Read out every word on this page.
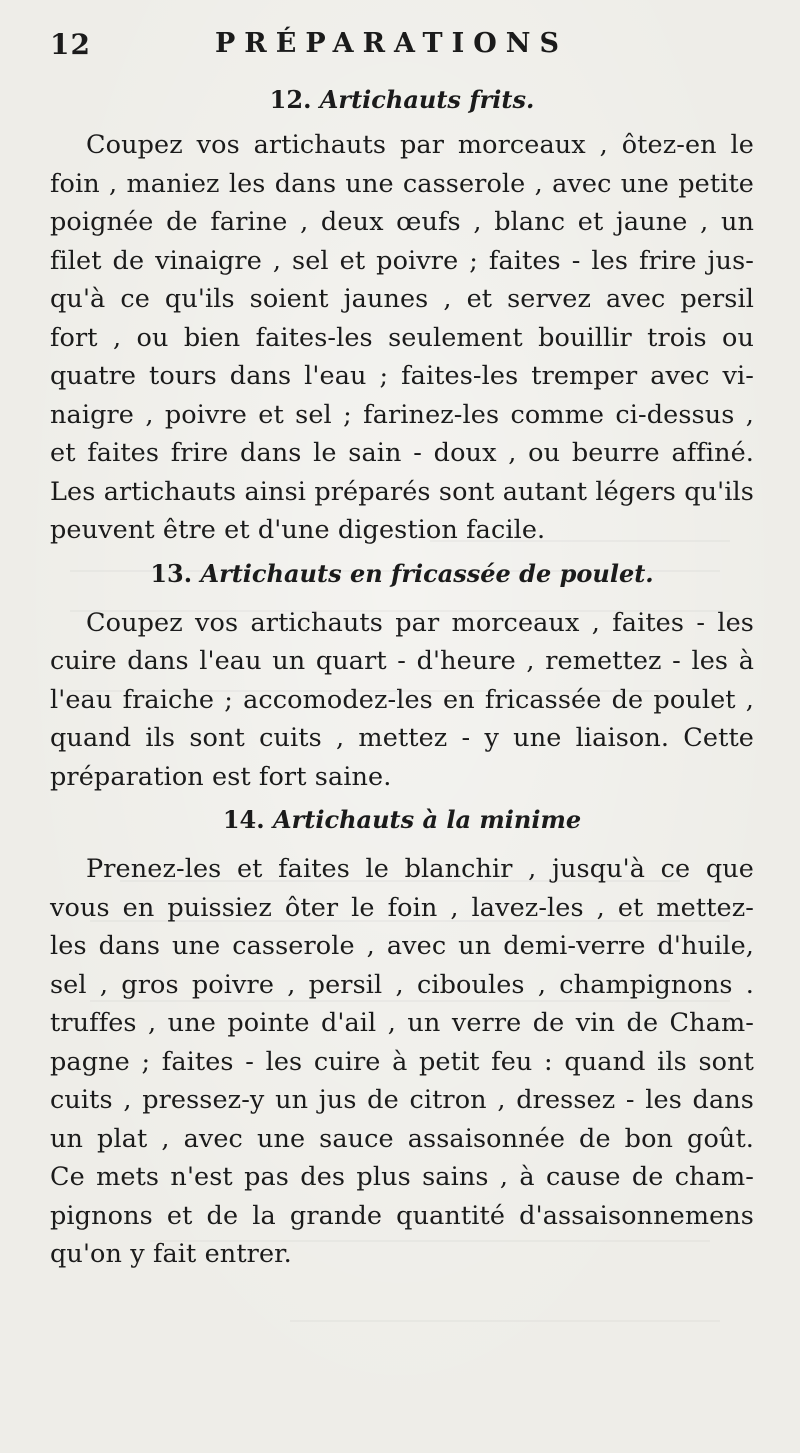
12	PRÉPARATIONS
12. Artichauts frits.

Coupez vos artichauts par morceaux , ôtez-en le
foin , maniez les dans une casserole , avec une petite
poignée de farine , deux œufs , blanc et jaune , un
filet de vinaigre , sel et poivre ; faites - les frire jus-
qu'à ce qu'ils soient jaunes , et servez avec persil
fort , ou bien faites-les seulement bouillir trois ou
quatre tours dans l'eau ; faites-les tremper avec vi-
naigre , poivre et sel ; farinez-les comme ci-dessus ,
et faites frire dans le sain - doux , ou beurre affiné.
Les artichauts ainsi préparés sont autant légers qu'ils
peuvent être et d'une digestion facile.

13. Artichauts en fricassée de poulet.

Coupez vos artichauts par morceaux , faites - les
cuire dans l'eau un quart - d'heure , remettez - les à
l'eau fraiche ; accomodez-les en fricassée de poulet ,
quand ils sont cuits , mettez - y une liaison. Cette
préparation est fort saine.

14. Artichauts à la minime

Prenez-les et faites le blanchir , jusqu'à ce que
vous en puissiez ôter le foin , lavez-les , et mettez-
les dans une casserole , avec un demi-verre d'huile,
sel , gros poivre , persil , ciboules , champignons .
truffes , une pointe d'ail , un verre de vin de Cham-
pagne ; faites - les cuire à petit feu : quand ils sont
cuits , pressez-y un jus de citron , dressez - les dans
un plat , avec une sauce assaisonnée de bon goût.
Ce mets n'est pas des plus sains , à cause de cham-
pignons et de la grande quantité d'assaisonnemens
qu'on y fait entrer.
